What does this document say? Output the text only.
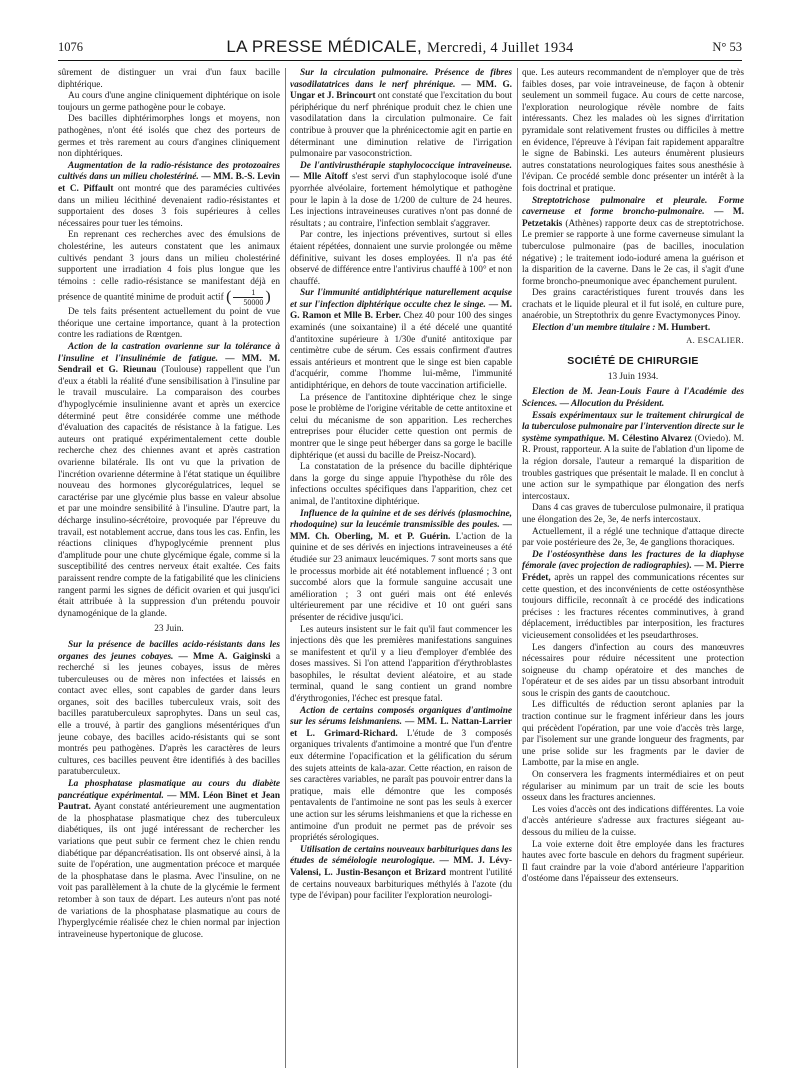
1076	LA PRESSE MÉDICALE, Mercredi, 4 Juillet 1934	N° 53

sûrement de distinguer un vrai d'un faux bacille diphtérique.

Au cours d'une angine cliniquement diphtérique on isole toujours un germe pathogène pour le cobaye.

Des bacilles diphtérimorphes longs et moyens, non pathogènes, n'ont été isolés que chez des porteurs de germes et très rarement au cours d'angines cliniquement non diphtériques.

Augmentation de la radio-résistance des protozoaires cultivés dans un milieu cholestériné. — MM. B.-S. Levin et C. Piffault ont montré que des paramécies cultivées dans un milieu lécithiné devenaient radio-résistantes et supportaient des doses 3 fois supérieures à celles nécessaires pour tuer les témoins.

En reprenant ces recherches avec des émulsions de cholestérine, les auteurs constatent que les animaux cultivés pendant 3 jours dans un milieu cholestériné supportent une irradiation 4 fois plus longue que les témoins : celle radio-résistance se manifestant déjà en présence de quantité minime de produit actif ( $\frac{1}{50000}$ )

De tels faits présentent actuellement du point de vue théorique une certaine importance, quant à la protection contre les radiations de Rœntgen.

Action de la castration ovarienne sur la tolérance à l'insuline et l'insulinémie de fatigue. — MM. M. Sendrail et G. Rieunau (Toulouse) rappellent que l'un d'eux a établi la réalité d'une sensibilisation à l'insuline par le travail musculaire. La comparaison des courbes d'hypoglycémie insulinienne avant et après un exercice déterminé peut être considérée comme une méthode d'évaluation des capacités de résistance à la fatigue. Les auteurs ont pratiqué expérimentalement cette double recherche chez des chiennes avant et après castration ovarienne bilatérale. Ils ont vu que la privation de l'incrétion ovarienne détermine à l'état statique un équilibre nouveau des hormones glycorégulatrices, lequel se caractérise par une glycémie plus basse en valeur absolue et par une moindre sensibilité à l'insuline. D'autre part, la décharge insulino-sécrétoire, provoquée par l'épreuve du travail, est notablement accrue, dans tous les cas. Enfin, les réactions cliniques d'hypoglycémie prennent plus d'amplitude pour une chute glycémique égale, comme si la susceptibilité des centres nerveux était exaltée. Ces faits paraissent rendre compte de la fatigabilité que les cliniciens rangent parmi les signes de déficit ovarien et qui jusqu'ici était attribuée à la suppression d'un prétendu pouvoir dynamogénique de la glande.

23 Juin.

Sur la présence de bacilles acido-résistants dans les organes des jeunes cobayes. — Mme A. Gaiginski a recherché si les jeunes cobayes, issus de mères tuberculeuses ou de mères non infectées et laissés en contact avec elles, sont capables de garder dans leurs organes, soit des bacilles tuberculeux vrais, soit des bacilles paratuberculeux saprophytes. Dans un seul cas, elle a trouvé, à partir des ganglions mésentériques d'un jeune cobaye, des bacilles acido-résistants qui se sont montrés peu pathogènes. D'après les caractères de leurs cultures, ces bacilles peuvent être identifiés à des bacilles paratuberculeux.

La phosphatase plasmatique au cours du diabète pancréatique expérimental. — MM. Léon Binet et Jean Pautrat. Ayant constaté antérieurement une augmentation de la phosphatase plasmatique chez des tuberculeux diabétiques, ils ont jugé intéressant de rechercher les variations que peut subir ce ferment chez le chien rendu diabétique par dépancréatisation. Ils ont observé ainsi, à la suite de l'opération, une augmentation précoce et marquée de la phosphatase dans le plasma. Avec l'insuline, on ne voit pas parallèlement à la chute de la glycémie le ferment retomber à son taux de départ. Les auteurs n'ont pas noté de variations de la phosphatase plasmatique au cours de l'hyperglycémie réalisée chez le chien normal par injection intraveineuse hypertonique de glucose.

Sur la circulation pulmonaire. Présence de fibres vasodilatatrices dans le nerf phrénique. — MM. G. Ungar et J. Brincourt ont constaté que l'excitation du bout périphérique du nerf phrénique produit chez le chien une vasodilatation dans la circulation pulmonaire. Ce fait contribue à prouver que la phrénicectomie agit en partie en déterminant une diminution relative de l'irrigation pulmonaire par vasoconstriction.

De l'antivirusthérapie staphylococcique intraveineuse. — Mlle Aïtoff s'est servi d'un staphylocoque isolé d'une pyorrhée alvéolaire, fortement hémolytique et pathogène pour le lapin à la dose de 1/200 de culture de 24 heures. Les injections intraveineuses curatives n'ont pas donné de résultats ; au contraire, l'infection semblait s'aggraver.

Par contre, les injections préventives, surtout si elles étaient répétées, donnaient une survie prolongée ou même définitive, suivant les doses employées. Il n'a pas été observé de différence entre l'antivirus chauffé à 100° et non chauffé.

Sur l'immunité antidiphtérique naturellement acquise et sur l'infection diphtérique occulte chez le singe. — M. G. Ramon et Mlle B. Erber. Chez 40 pour 100 des singes examinés (une soixantaine) il a été décelé une quantité d'antitoxine supérieure à 1/30e d'unité antitoxique par centimètre cube de sérum. Ces essais confirment d'autres essais antérieurs et montrent que le singe est bien capable d'acquérir, comme l'homme lui-même, l'immunité antidiphtérique, en dehors de toute vaccination artificielle.

La présence de l'antitoxine diphtérique chez le singe pose le problème de l'origine véritable de cette antitoxine et celui du mécanisme de son apparition. Les recherches entreprises pour élucider cette question ont permis de montrer que le singe peut héberger dans sa gorge le bacille diphtérique (et aussi du bacille de Preisz-Nocard).

La constatation de la présence du bacille diphtérique dans la gorge du singe appuie l'hypothèse du rôle des infections occultes spécifiques dans l'apparition, chez cet animal, de l'antitoxine diphtérique.

Influence de la quinine et de ses dérivés (plasmochine, rhodoquine) sur la leucémie transmissible des poules. — MM. Ch. Oberling, M. et P. Guérin. L'action de la quinine et de ses dérivés en injections intraveineuses a été étudiée sur 23 animaux leucémiques. 7 sont morts sans que le processus morbide ait été notablement influencé ; 3 ont succombé alors que la formule sanguine accusait une amélioration ; 3 ont guéri mais ont été enlevés ultérieurement par une récidive et 10 ont guéri sans présenter de récidive jusqu'ici.

Les auteurs insistent sur le fait qu'il faut commencer les injections dès que les premières manifestations sanguines se manifestent et qu'il y a lieu d'employer d'emblée des doses massives. Si l'on attend l'apparition d'érythroblastes basophiles, le résultat devient aléatoire, et au stade terminal, quand le sang contient un grand nombre d'érythrogonies, l'échec est presque fatal.

Action de certains composés organiques d'antimoine sur les sérums leishmaniens. — MM. L. Nattan-Larrier et L. Grimard-Richard. L'étude de 3 composés organiques trivalents d'antimoine a montré que l'un d'entre eux détermine l'opacification et la gélification du sérum des sujets atteints de kala-azar. Cette réaction, en raison de ses caractères variables, ne paraît pas pouvoir entrer dans la pratique, mais elle démontre que les composés pentavalents de l'antimoine ne sont pas les seuls à exercer une action sur les sérums leishmaniens et que la richesse en antimoine d'un produit ne permet pas de prévoir ses propriétés sérologiques.

Utilisation de certains nouveaux barbituriques dans les études de séméiologie neurologique. — MM. J. Lévy-Valensi, L. Justin-Besançon et Brizard montrent l'utilité de certains nouveaux barbituriques méthylés à l'azote (du type de l'évipan) pour faciliter l'exploration neurologi-

que. Les auteurs recommandent de n'employer que de très faibles doses, par voie intraveineuse, de façon à obtenir seulement un sommeil fugace. Au cours de cette narcose, l'exploration neurologique révèle nombre de faits intéressants. Chez les malades où les signes d'irritation pyramidale sont relativement frustes ou difficiles à mettre en évidence, l'épreuve à l'évipan fait rapidement apparaître le signe de Babinski. Les auteurs énumèrent plusieurs autres constatations neurologiques faites sous anesthésie à l'évipan. Ce procédé semble donc présenter un intérêt à la fois doctrinal et pratique.

Streptotrichose pulmonaire et pleurale. Forme caverneuse et forme broncho-pulmonaire. — M. Petzetakis (Athènes) rapporte deux cas de streptotrichose. Le premier se rapporte à une forme caverneuse simulant la tuberculose pulmonaire (pas de bacilles, inoculation négative) ; le traitement iodo-ioduré amena la guérison et la disparition de la caverne. Dans le 2e cas, il s'agit d'une forme broncho-pneumonique avec épanchement purulent.

Des grains caractéristiques furent trouvés dans les crachats et le liquide pleural et il fut isolé, en culture pure, anaérobie, un Streptothrix du genre Evactymonyces Pinoy.

Election d'un membre titulaire : M. Humbert.

A. ESCALIER.

SOCIÉTÉ DE CHIRURGIE

13 Juin 1934.

Election de M. Jean-Louis Faure à l'Académie des Sciences. — Allocution du Président.

Essais expérimentaux sur le traitement chirurgical de la tuberculose pulmonaire par l'intervention directe sur le système sympathique. M. Célestino Alvarez (Oviedo). M. R. Proust, rapporteur. A la suite de l'ablation d'un lipome de la région dorsale, l'auteur a remarqué la disparition de troubles gastriques que présentait le malade. Il en conclut à une action sur le sympathique par élongation des nerfs intercostaux.

Dans 4 cas graves de tuberculose pulmonaire, il pratiqua une élongation des 2e, 3e, 4e nerfs intercostaux.

Actuellement, il a réglé une technique d'attaque directe par voie postérieure des 2e, 3e, 4e ganglions thoraciques.

De l'ostéosynthèse dans les fractures de la diaphyse fémorale (avec projection de radiographies). — M. Pierre Frédet, après un rappel des communications récentes sur cette question, et des inconvénients de cette ostéosynthèse toujours difficile, reconnaît à ce procédé des indications précises : les fractures récentes comminutives, à grand déplacement, irréductibles par interposition, les fractures vicieusement consolidées et les pseudarthroses.

Les dangers d'infection au cours des manœuvres nécessaires pour réduire nécessitent une protection soigneuse du champ opératoire et des manches de l'opérateur et de ses aides par un tissu absorbant introduit sous le crispin des gants de caoutchouc.

Les difficultés de réduction seront aplanies par la traction continue sur le fragment inférieur dans les jours qui précèdent l'opération, par une voie d'accès très large, par l'isolement sur une grande longueur des fragments, par une prise solide sur les fragments par le davier de Lambotte, par la mise en angle.

On conservera les fragments intermédiaires et on peut régulariser au minimum par un trait de scie les bouts osseux dans les fractures anciennes.

Les voies d'accès ont des indications différentes. La voie d'accès antérieure s'adresse aux fractures siégeant au-dessous du milieu de la cuisse.

La voie externe doit être employée dans les fractures hautes avec forte bascule en dehors du fragment supérieur. Il faut craindre par la voie d'abord antérieure l'apparition d'ostéome dans l'épaisseur des extenseurs.
